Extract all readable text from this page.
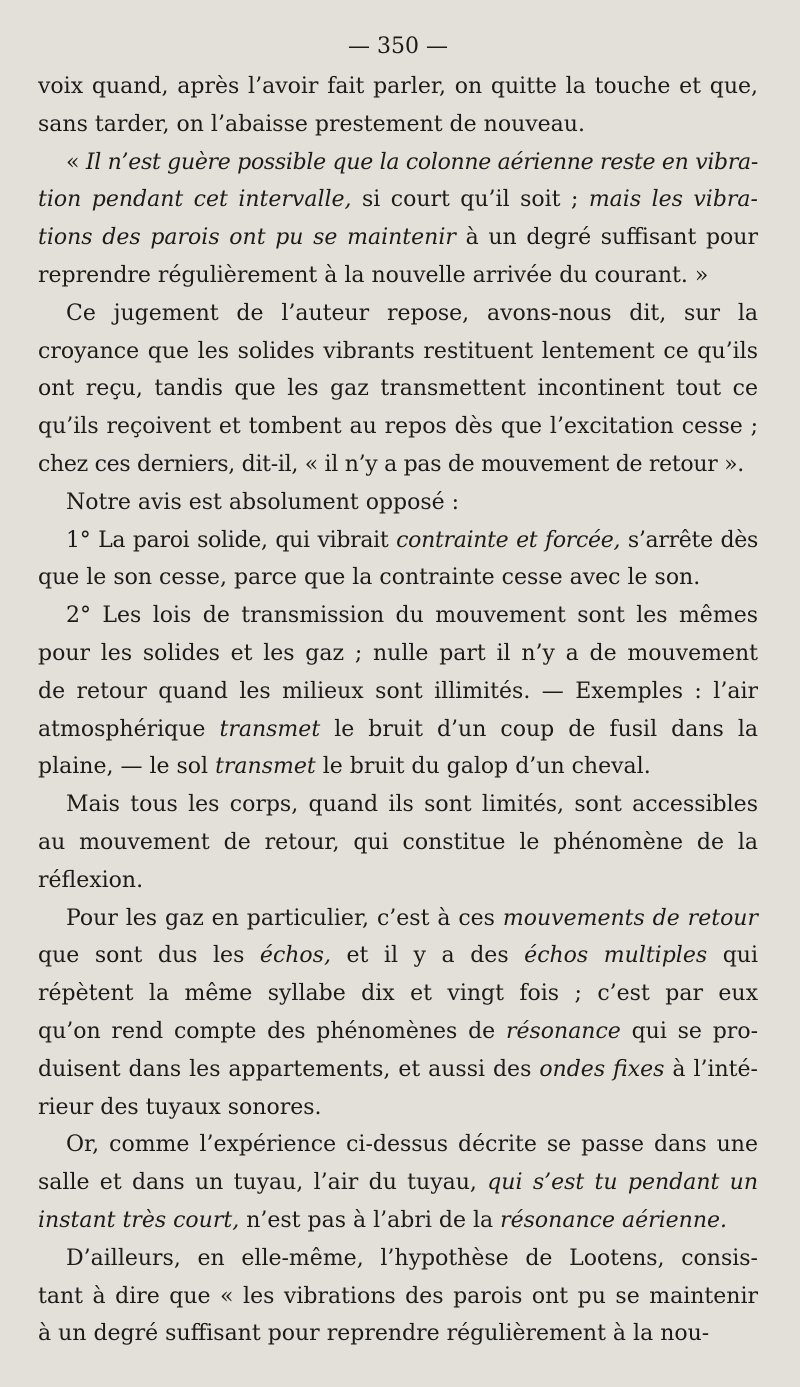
— 350 —
voix quand, après l’avoir fait parler, on quitte la touche et que,
sans tarder, on l’abaisse prestement de nouveau.
« Il n’est guère possible que la colonne aérienne reste en vibra-
tion pendant cet intervalle, si court qu’il soit ; mais les vibra-
tions des parois ont pu se maintenir à un degré suffisant pour
reprendre régulièrement à la nouvelle arrivée du courant. »
Ce jugement de l’auteur repose, avons-nous dit, sur la
croyance que les solides vibrants restituent lentement ce qu’ils
ont reçu, tandis que les gaz transmettent incontinent tout ce
qu’ils reçoivent et tombent au repos dès que l’excitation cesse ;
chez ces derniers, dit-il, « il n’y a pas de mouvement de retour ».
Notre avis est absolument opposé :
1° La paroi solide, qui vibrait contrainte et forcée, s’arrête dès
que le son cesse, parce que la contrainte cesse avec le son.
2° Les lois de transmission du mouvement sont les mêmes
pour les solides et les gaz ; nulle part il n’y a de mouvement
de retour quand les milieux sont illimités. — Exemples : l’air
atmosphérique transmet le bruit d’un coup de fusil dans la
plaine, — le sol transmet le bruit du galop d’un cheval.
Mais tous les corps, quand ils sont limités, sont accessibles
au mouvement de retour, qui constitue le phénomène de la
réflexion.
Pour les gaz en particulier, c’est à ces mouvements de retour
que sont dus les échos, et il y a des échos multiples qui
répètent la même syllabe dix et vingt fois ; c’est par eux
qu’on rend compte des phénomènes de résonance qui se pro-
duisent dans les appartements, et aussi des ondes fixes à l’inté-
rieur des tuyaux sonores.
Or, comme l’expérience ci-dessus décrite se passe dans une
salle et dans un tuyau, l’air du tuyau, qui s’est tu pendant un
instant très court, n’est pas à l’abri de la résonance aérienne.
D’ailleurs, en elle-même, l’hypothèse de Lootens, consis-
tant à dire que « les vibrations des parois ont pu se maintenir
à un degré suffisant pour reprendre régulièrement à la nou-
